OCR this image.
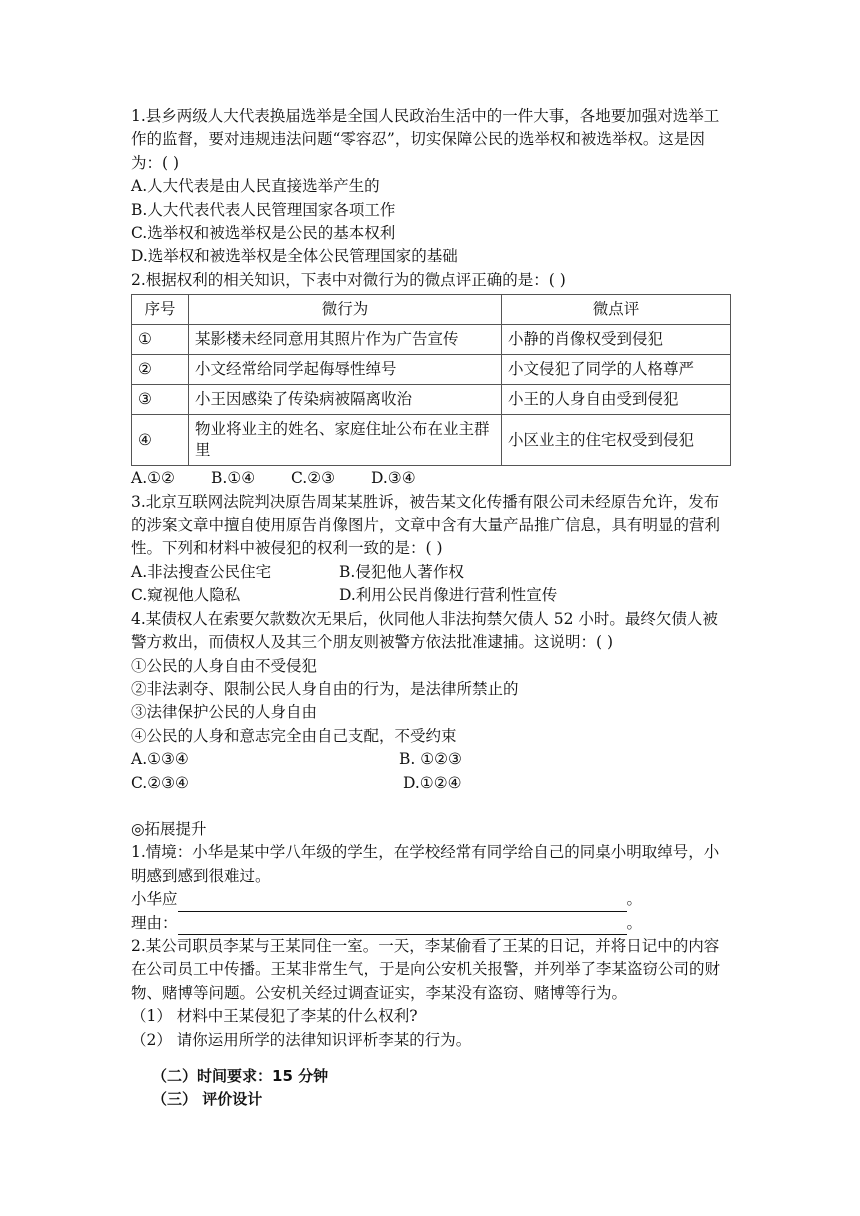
1.县乡两级人大代表换届选举是全国人民政治生活中的一件大事，各地要加强对选举工作的监督，要对违规违法问题“零容忍”，切实保障公民的选举权和被选举权。这是因为：( )

A.人大代表是由人民直接选举产生的

B.人大代表代表人民管理国家各项工作

C.选举权和被选举权是公民的基本权利

D.选举权和被选举权是全体公民管理国家的基础

2.根据权利的相关知识，下表中对微行为的微点评正确的是：( )

序号	微行为	微点评
①	某影楼未经同意用其照片作为广告宣传	小静的肖像权受到侵犯
②	小文经常给同学起侮辱性绰号	小文侵犯了同学的人格尊严
③	小王因感染了传染病被隔离收治	小王的人身自由受到侵犯
④	物业将业主的姓名、家庭住址公布在业主群里	小区业主的住宅权受到侵犯

A.①② B.①④ C.②③ D.③④

3.北京互联网法院判决原告周某某胜诉，被告某文化传播有限公司未经原告允许，发布的涉案文章中擅自使用原告肖像图片，文章中含有大量产品推广信息，具有明显的营利性。下列和材料中被侵犯的权利一致的是：( )

A.非法搜查公民住宅	B.侵犯他人著作权

C.窥视他人隐私	D.利用公民肖像进行营利性宣传

4.某债权人在索要欠款数次无果后，伙同他人非法拘禁欠债人 52 小时。最终欠债人被警方救出，而债权人及其三个朋友则被警方依法批准逮捕。这说明：( )

①公民的人身自由不受侵犯

②非法剥夺、限制公民人身自由的行为，是法律所禁止的

③法律保护公民的人身自由

④公民的人身和意志完全由自己支配，不受约束

A.①③④	B. ①②③

C.②③④	D.①②④

◎拓展提升

1.情境：小华是某中学八年级的学生，在学校经常有同学给自己的同桌小明取绰号，小明感到感到很难过。

小华应	。

理由：	。

2.某公司职员李某与王某同住一室。一天，李某偷看了王某的日记，并将日记中的内容在公司员工中传播。王某非常生气，于是向公安机关报警，并列举了李某盗窃公司的财物、赌博等问题。公安机关经过调查证实，李某没有盗窃、赌博等行为。

（1） 材料中王某侵犯了李某的什么权利?

（2） 请你运用所学的法律知识评析李某的行为。

（二）时间要求：15 分钟

（三） 评价设计
